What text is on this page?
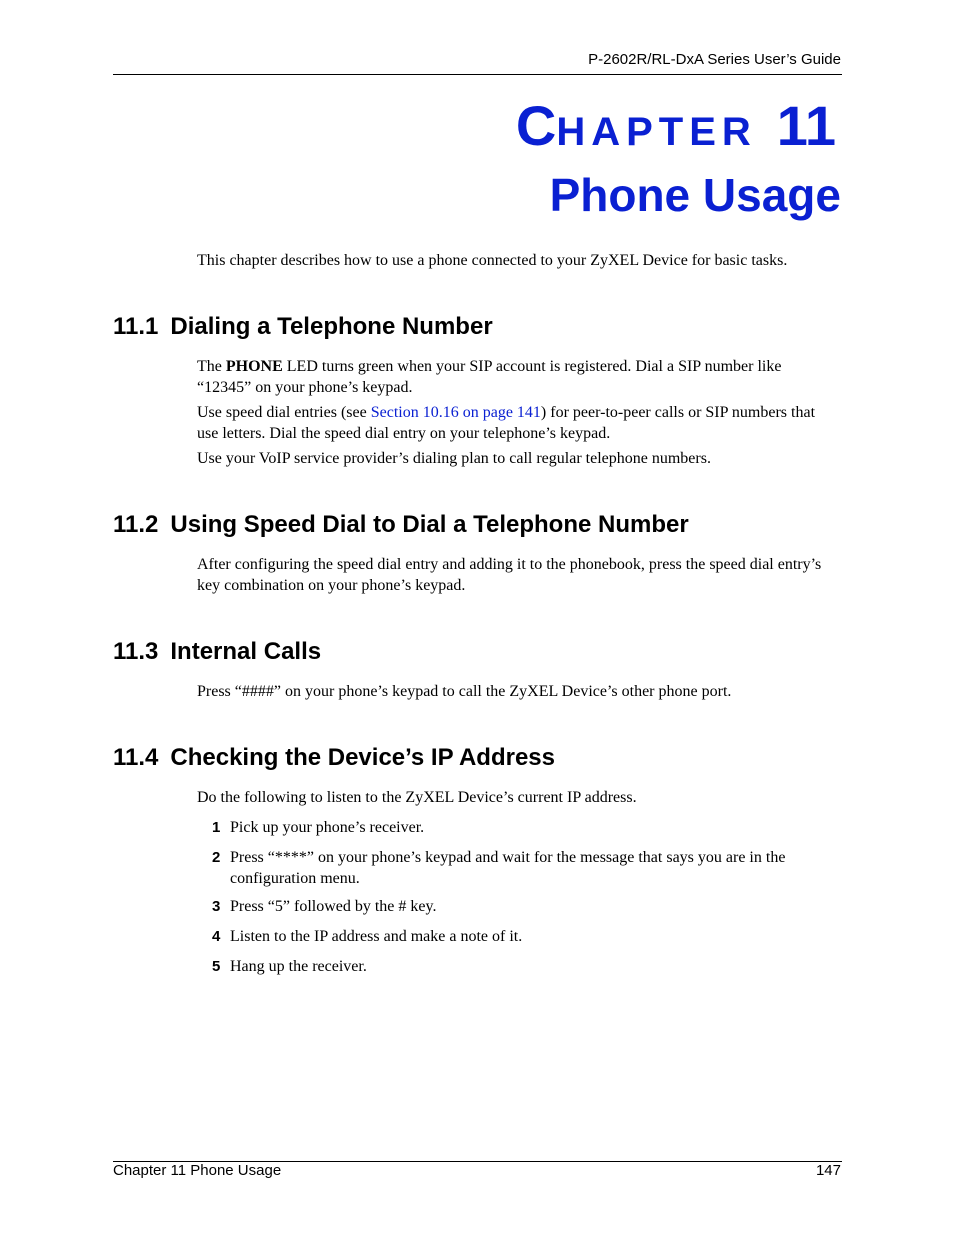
P-2602R/RL-DxA Series User’s Guide
CHAPTER 11
Phone Usage
This chapter describes how to use a phone connected to your ZyXEL Device for basic tasks.
11.1 Dialing a Telephone Number
The PHONE LED turns green when your SIP account is registered. Dial a SIP number like “12345” on your phone’s keypad.
Use speed dial entries (see Section 10.16 on page 141) for peer-to-peer calls or SIP numbers that use letters. Dial the speed dial entry on your telephone’s keypad.
Use your VoIP service provider’s dialing plan to call regular telephone numbers.
11.2 Using Speed Dial to Dial a Telephone Number
After configuring the speed dial entry and adding it to the phonebook, press the speed dial entry’s key combination on your phone’s keypad.
11.3 Internal Calls
Press “####” on your phone’s keypad to call the ZyXEL Device’s other phone port.
11.4 Checking the Device’s IP Address
Do the following to listen to the ZyXEL Device’s current IP address.
1 Pick up your phone’s receiver.
2 Press “****” on your phone’s keypad and wait for the message that says you are in the configuration menu.
3 Press “5” followed by the # key.
4 Listen to the IP address and make a note of it.
5 Hang up the receiver.
Chapter 11 Phone Usage	147
